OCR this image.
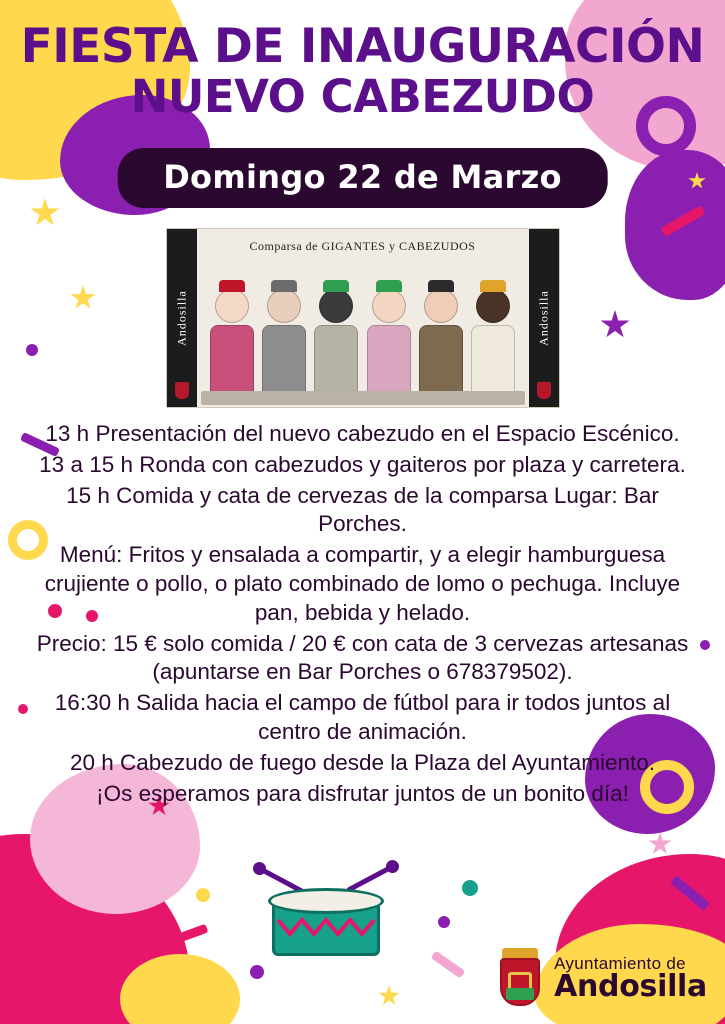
FIESTA DE INAUGURACIÓN
NUEVO CABEZUDO
Domingo 22 de Marzo
Comparsa de GIGANTES y CABEZUDOS
Andosilla	Andosilla

13 h Presentación del nuevo cabezudo en el Espacio Escénico.

13 a 15 h Ronda con cabezudos y gaiteros por plaza y carretera.

15 h Comida y cata de cervezas de la comparsa Lugar: Bar Porches.

Menú: Fritos y ensalada a compartir, y a elegir hamburguesa crujiente o pollo, o plato combinado de lomo o pechuga. Incluye pan, bebida y helado.

Precio: 15 € solo comida / 20 € con cata de 3 cervezas artesanas (apuntarse en Bar Porches o 678379502).

16:30 h Salida hacia el campo de fútbol para ir todos juntos al centro de animación.

20 h Cabezudo de fuego desde la Plaza del Ayuntamiento.

¡Os esperamos para disfrutar juntos de un bonito día!

Ayuntamiento de
Andosilla
